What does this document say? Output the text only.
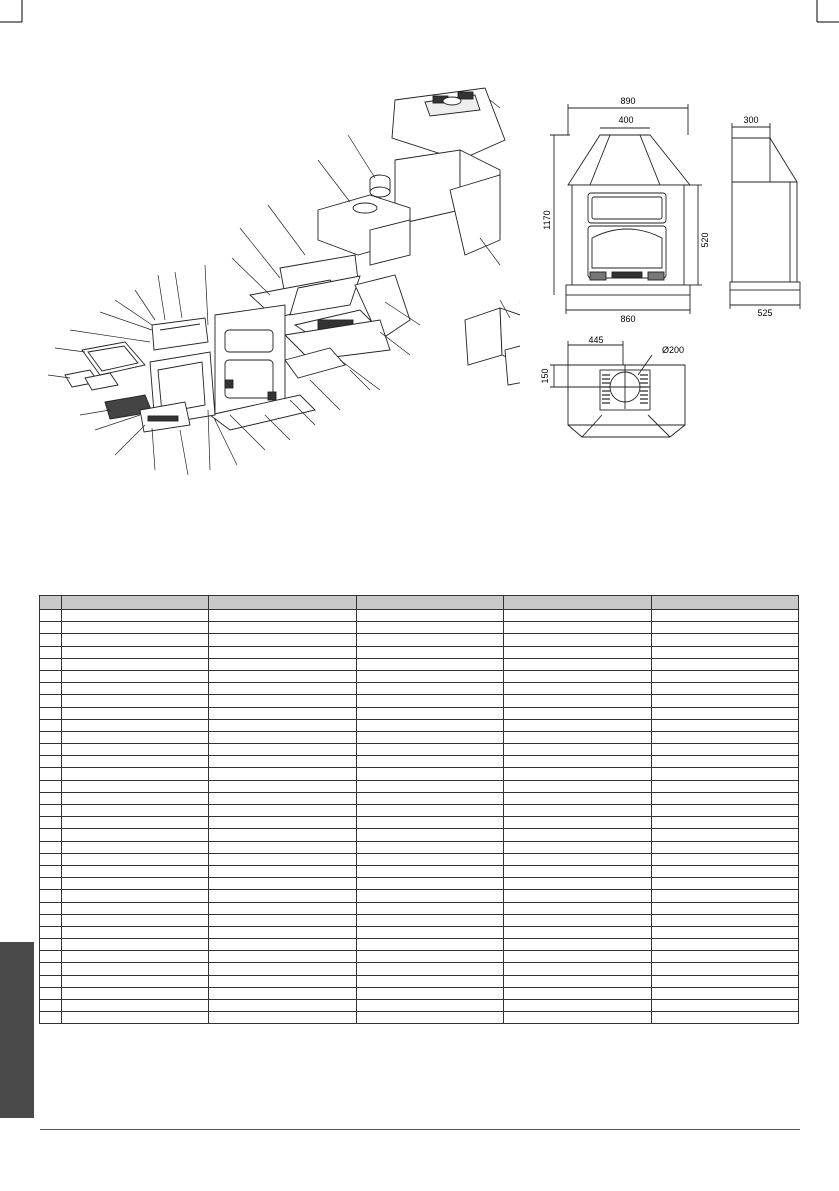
890
400
1170
520
860
300
525
445
Ø200
150
